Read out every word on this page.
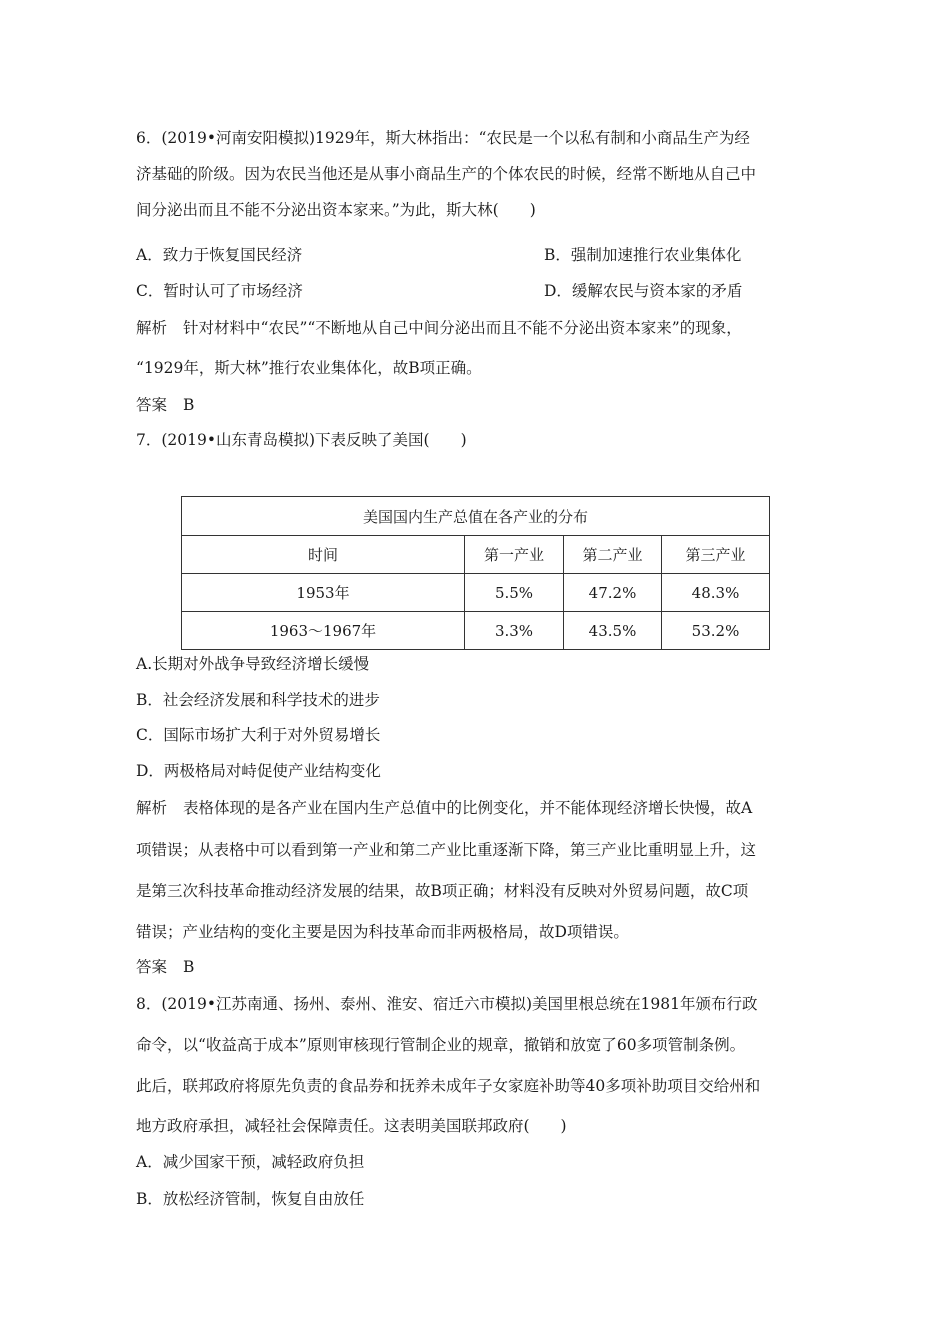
6．(2019•河南安阳模拟)1929年，斯大林指出：“农民是一个以私有制和小商品生产为经
济基础的阶级。因为农民当他还是从事小商品生产的个体农民的时候，经常不断地从自己中
间分泌出而且不能不分泌出资本家来。”为此，斯大林(　　)
A．致力于恢复国民经济	B．强制加速推行农业集体化
C．暂时认可了市场经济	D．缓解农民与资本家的矛盾
解析 针对材料中“农民”“不断地从自己中间分泌出而且不能不分泌出资本家来”的现象，
“1929年，斯大林”推行农业集体化，故B项正确。
答案 B
7．(2019•山东青岛模拟)下表反映了美国(　　)
美国国内生产总值在各产业的分布			
时间	第一产业	第二产业	第三产业
1953年	5.5%	47.2%	48.3%
1963～1967年	3.3%	43.5%	53.2%
A.长期对外战争导致经济增长缓慢
B．社会经济发展和科学技术的进步
C．国际市场扩大利于对外贸易增长
D．两极格局对峙促使产业结构变化
解析 表格体现的是各产业在国内生产总值中的比例变化，并不能体现经济增长快慢，故A
项错误；从表格中可以看到第一产业和第二产业比重逐渐下降，第三产业比重明显上升，这
是第三次科技革命推动经济发展的结果，故B项正确；材料没有反映对外贸易问题，故C项
错误；产业结构的变化主要是因为科技革命而非两极格局，故D项错误。
答案 B
8．(2019•江苏南通、扬州、泰州、淮安、宿迁六市模拟)美国里根总统在1981年颁布行政
命令，以“收益高于成本”原则审核现行管制企业的规章，撤销和放宽了60多项管制条例。
此后，联邦政府将原先负责的食品券和抚养未成年子女家庭补助等40多项补助项目交给州和
地方政府承担，减轻社会保障责任。这表明美国联邦政府(　　)
A．减少国家干预，减轻政府负担
B．放松经济管制，恢复自由放任
